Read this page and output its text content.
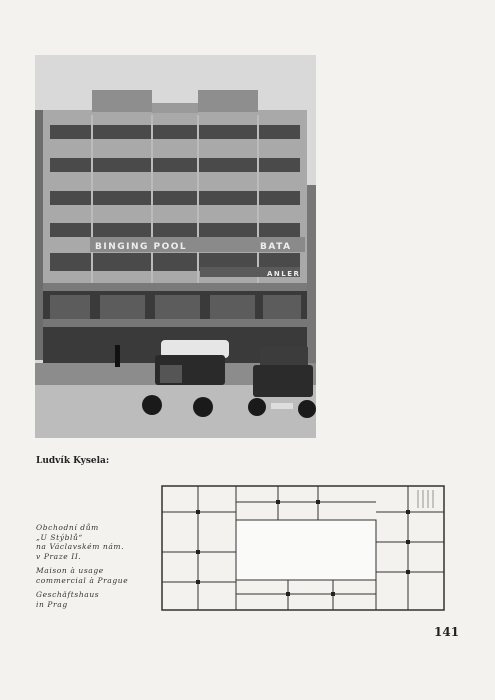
BINGING POOL	BATA
ANLER
Ludvík Kysela:
Obchodní dům
„U Stýblů“
na Václavském nám.
v Praze II.
Maison à usage
commercial à Prague
Geschäftshaus
in Prag
141
